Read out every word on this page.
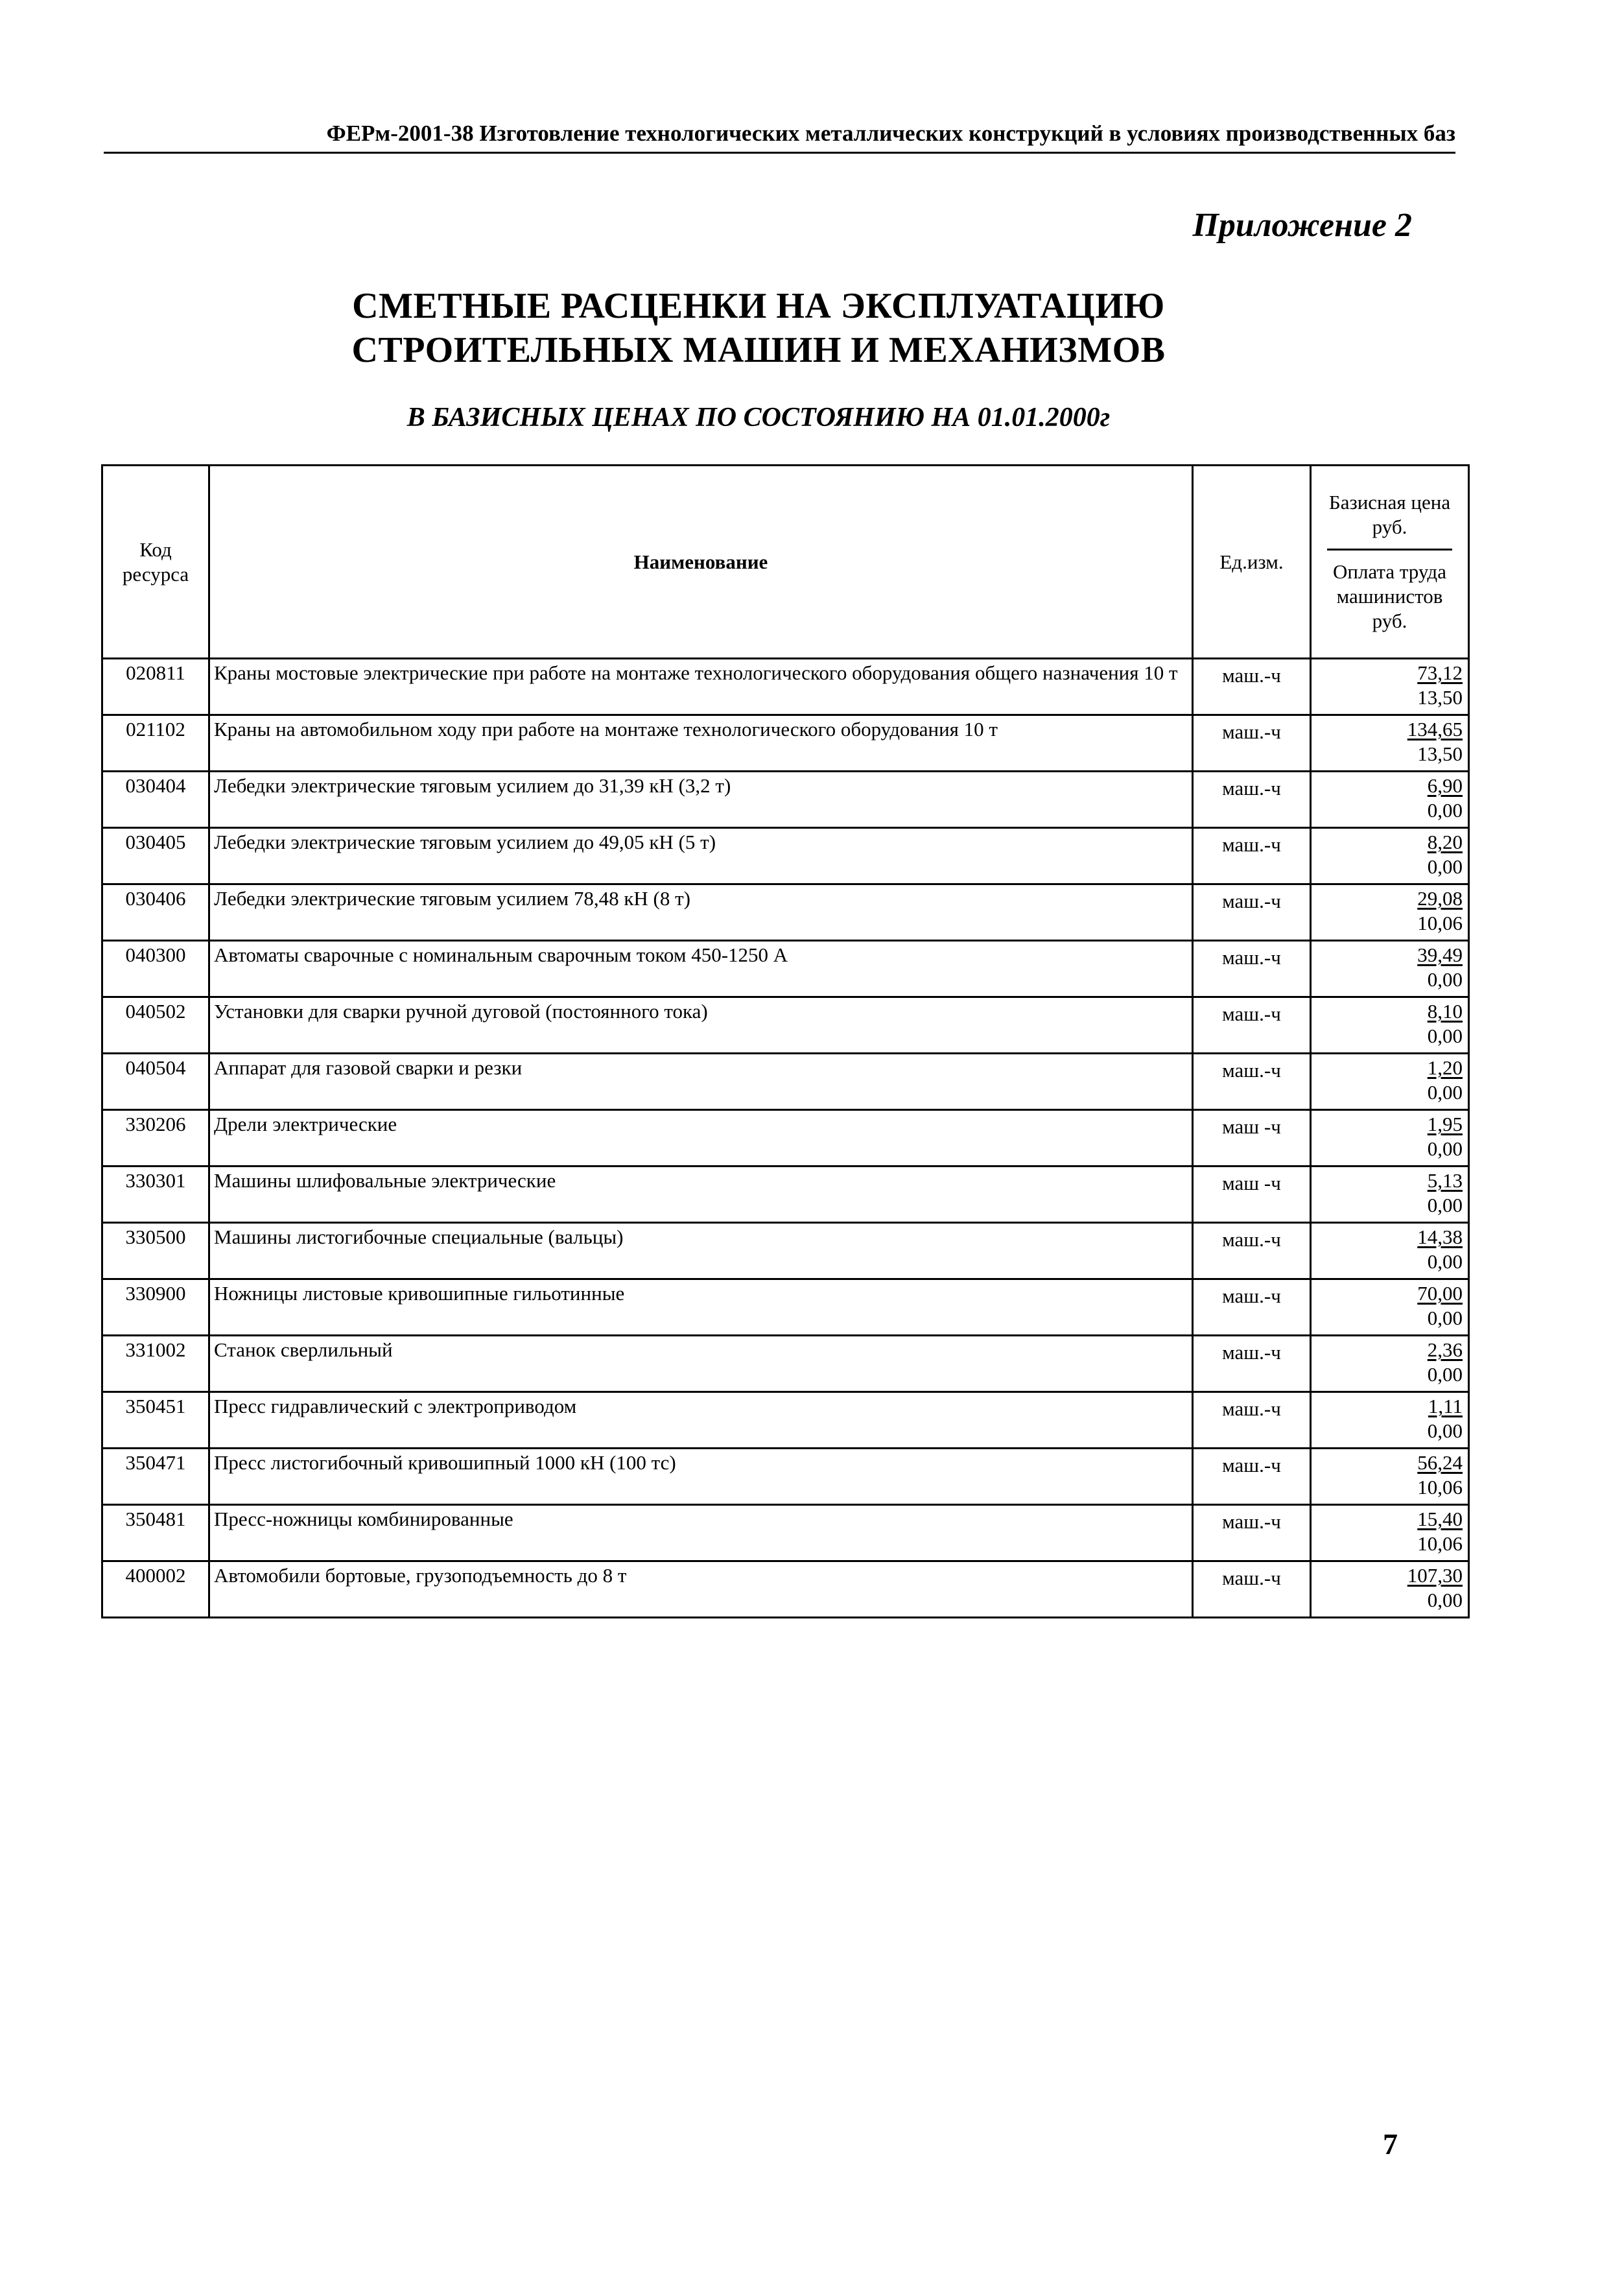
ФЕРм-2001-38 Изготовление технологических металлических конструкций в условиях производственных баз
Приложение 2
СМЕТНЫЕ РАСЦЕНКИ НА ЭКСПЛУАТАЦИЮ
СТРОИТЕЛЬНЫХ МАШИН И МЕХАНИЗМОВ
В БАЗИСНЫХ ЦЕНАХ ПО СОСТОЯНИЮ НА 01.01.2000г
Код ресурса	Наименование	Ед.изм.	Базисная цена руб.
Оплата труда машинистов руб.

020811	Краны мостовые электрические при работе на монтаже технологического оборудования общего назначения 10 т	маш.-ч	73,12
13,50

021102	Краны на автомобильном ходу при работе на монтаже технологического оборудования 10 т	маш.-ч	134,65
13,50

030404	Лебедки электрические тяговым усилием до 31,39 кН (3,2 т)	маш.-ч	6,90
0,00

030405	Лебедки электрические тяговым усилием до 49,05 кН (5 т)	маш.-ч	8,20
0,00

030406	Лебедки электрические тяговым усилием 78,48 кН (8 т)	маш.-ч	29,08
10,06

040300	Автоматы сварочные с номинальным сварочным током 450-1250 А	маш.-ч	39,49
0,00

040502	Установки для сварки ручной дуговой (постоянного тока)	маш.-ч	8,10
0,00

040504	Аппарат для газовой сварки и резки	маш.-ч	1,20
0,00

330206	Дрели электрические	маш -ч	1,95
0,00

330301	Машины шлифовальные электрические	маш -ч	5,13
0,00

330500	Машины листогибочные специальные (вальцы)	маш.-ч	14,38
0,00

330900	Ножницы листовые кривошипные гильотинные	маш.-ч	70,00
0,00

331002	Станок сверлильный	маш.-ч	2,36
0,00

350451	Пресс гидравлический с электроприводом	маш.-ч	1,11
0,00

350471	Пресс листогибочный кривошипный 1000 кН (100 тс)	маш.-ч	56,24
10,06

350481	Пресс-ножницы комбинированные	маш.-ч	15,40
10,06

400002	Автомобили бортовые, грузоподъемность до 8 т	маш.-ч	107,30
0,00
7
